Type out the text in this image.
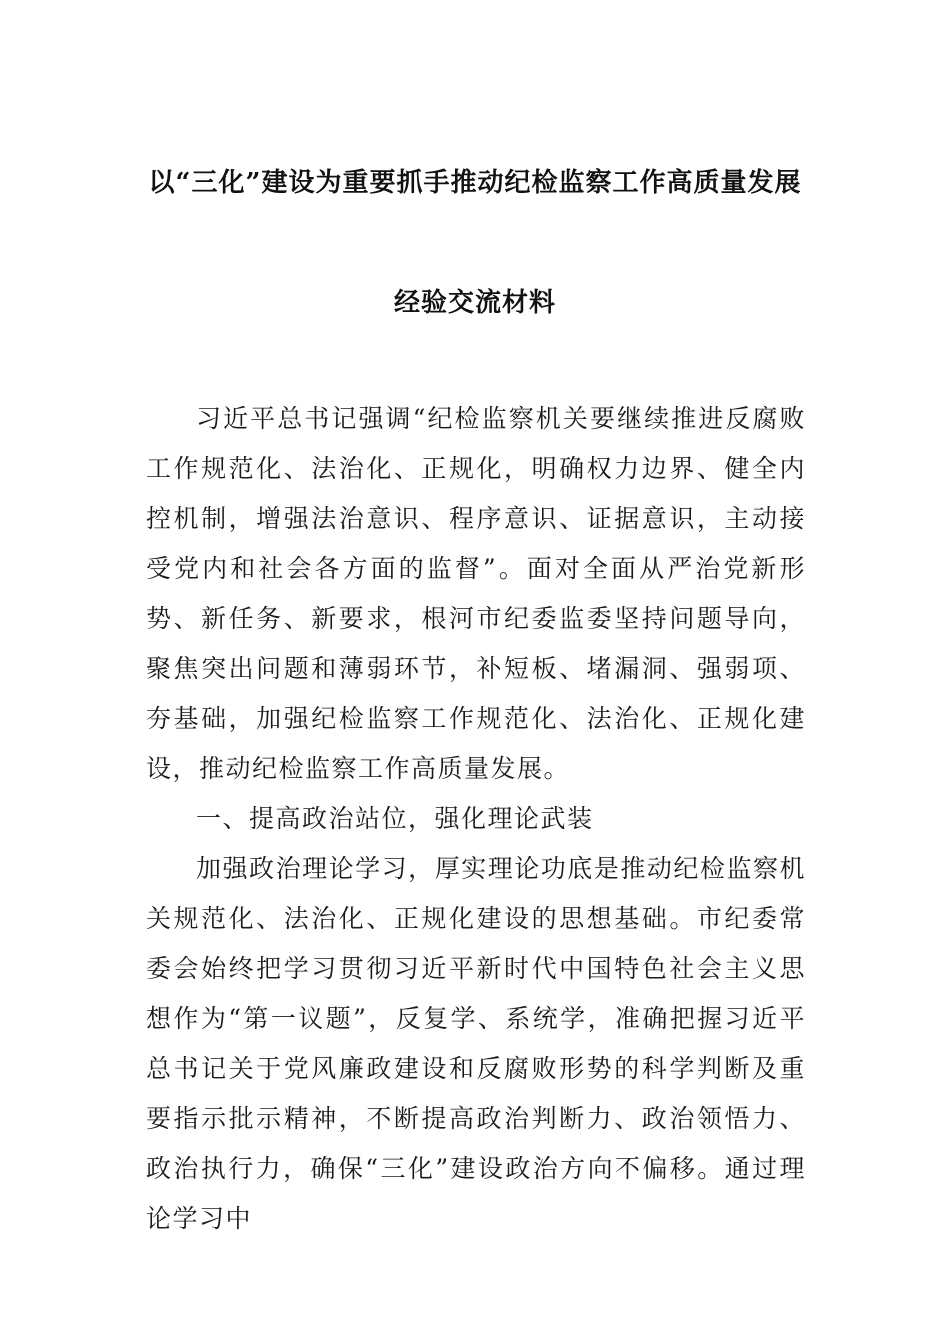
以“三化”建设为重要抓手推动纪检监察工作高质量发展
经验交流材料

习近平总书记强调“纪检监察机关要继续推进反腐败工作规范化、法治化、正规化，明确权力边界、健全内控机制，增强法治意识、程序意识、证据意识，主动接受党内和社会各方面的监督”。面对全面从严治党新形势、新任务、新要求，根河市纪委监委坚持问题导向，聚焦突出问题和薄弱环节，补短板、堵漏洞、强弱项、夯基础，加强纪检监察工作规范化、法治化、正规化建设，推动纪检监察工作高质量发展。

一、提高政治站位，强化理论武装

加强政治理论学习，厚实理论功底是推动纪检监察机关规范化、法治化、正规化建设的思想基础。市纪委常委会始终把学习贯彻习近平新时代中国特色社会主义思想作为“第一议题”，反复学、系统学，准确把握习近平总书记关于党风廉政建设和反腐败形势的科学判断及重要指示批示精神，不断提高政治判断力、政治领悟力、政治执行力，确保“三化”建设政治方向不偏移。通过理论学习中
